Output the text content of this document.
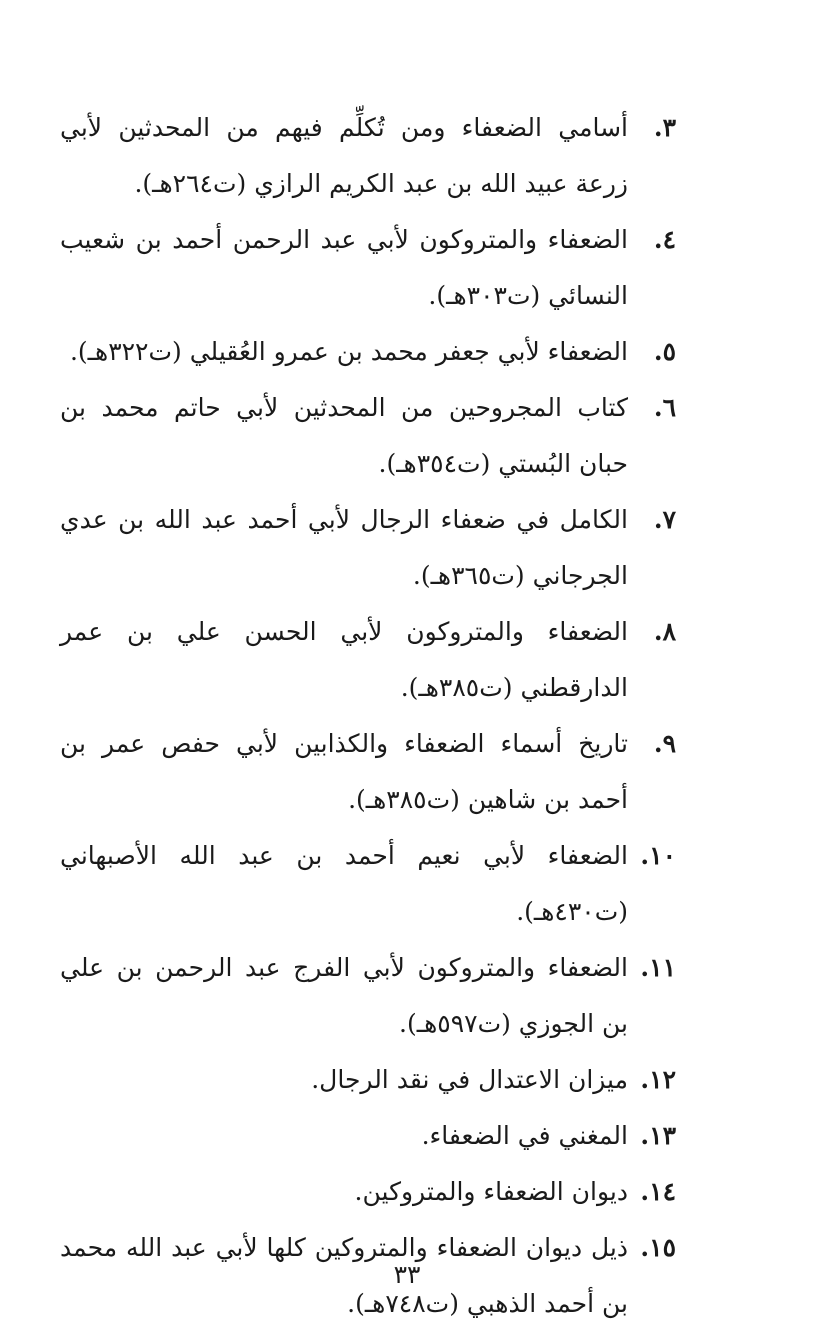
٣.
أسامي الضعفاء ومن تُكلِّم فيهم من المحدثين لأبي زرعة عبيد الله بن عبد الكريم الرازي (ت٢٦٤هـ).
٤.
الضعفاء والمتروكون لأبي عبد الرحمن أحمد بن شعيب النسائي (ت٣٠٣هـ).
٥.
الضعفاء لأبي جعفر محمد بن عمرو العُقيلي (ت٣٢٢هـ).
٦.
كتاب المجروحين من المحدثين لأبي حاتم محمد بن حبان البُستي (ت٣٥٤هـ).
٧.
الكامل في ضعفاء الرجال لأبي أحمد عبد الله بن عدي الجرجاني (ت٣٦٥هـ).
٨.
الضعفاء والمتروكون لأبي الحسن علي بن عمر الدارقطني (ت٣٨٥هـ).
٩.
تاريخ أسماء الضعفاء والكذابين لأبي حفص عمر بن أحمد بن شاهين (ت٣٨٥هـ).
١٠.
الضعفاء لأبي نعيم أحمد بن عبد الله الأصبهاني (ت٤٣٠هـ).
١١.
الضعفاء والمتروكون لأبي الفرج عبد الرحمن بن علي بن الجوزي (ت٥٩٧هـ).
١٢.
ميزان الاعتدال في نقد الرجال.
١٣.
المغني في الضعفاء.
١٤.
ديوان الضعفاء والمتروكين.
١٥.
ذيل ديوان الضعفاء والمتروكين كلها لأبي عبد الله محمد بن أحمد الذهبي (ت٧٤٨هـ).
٣٣
